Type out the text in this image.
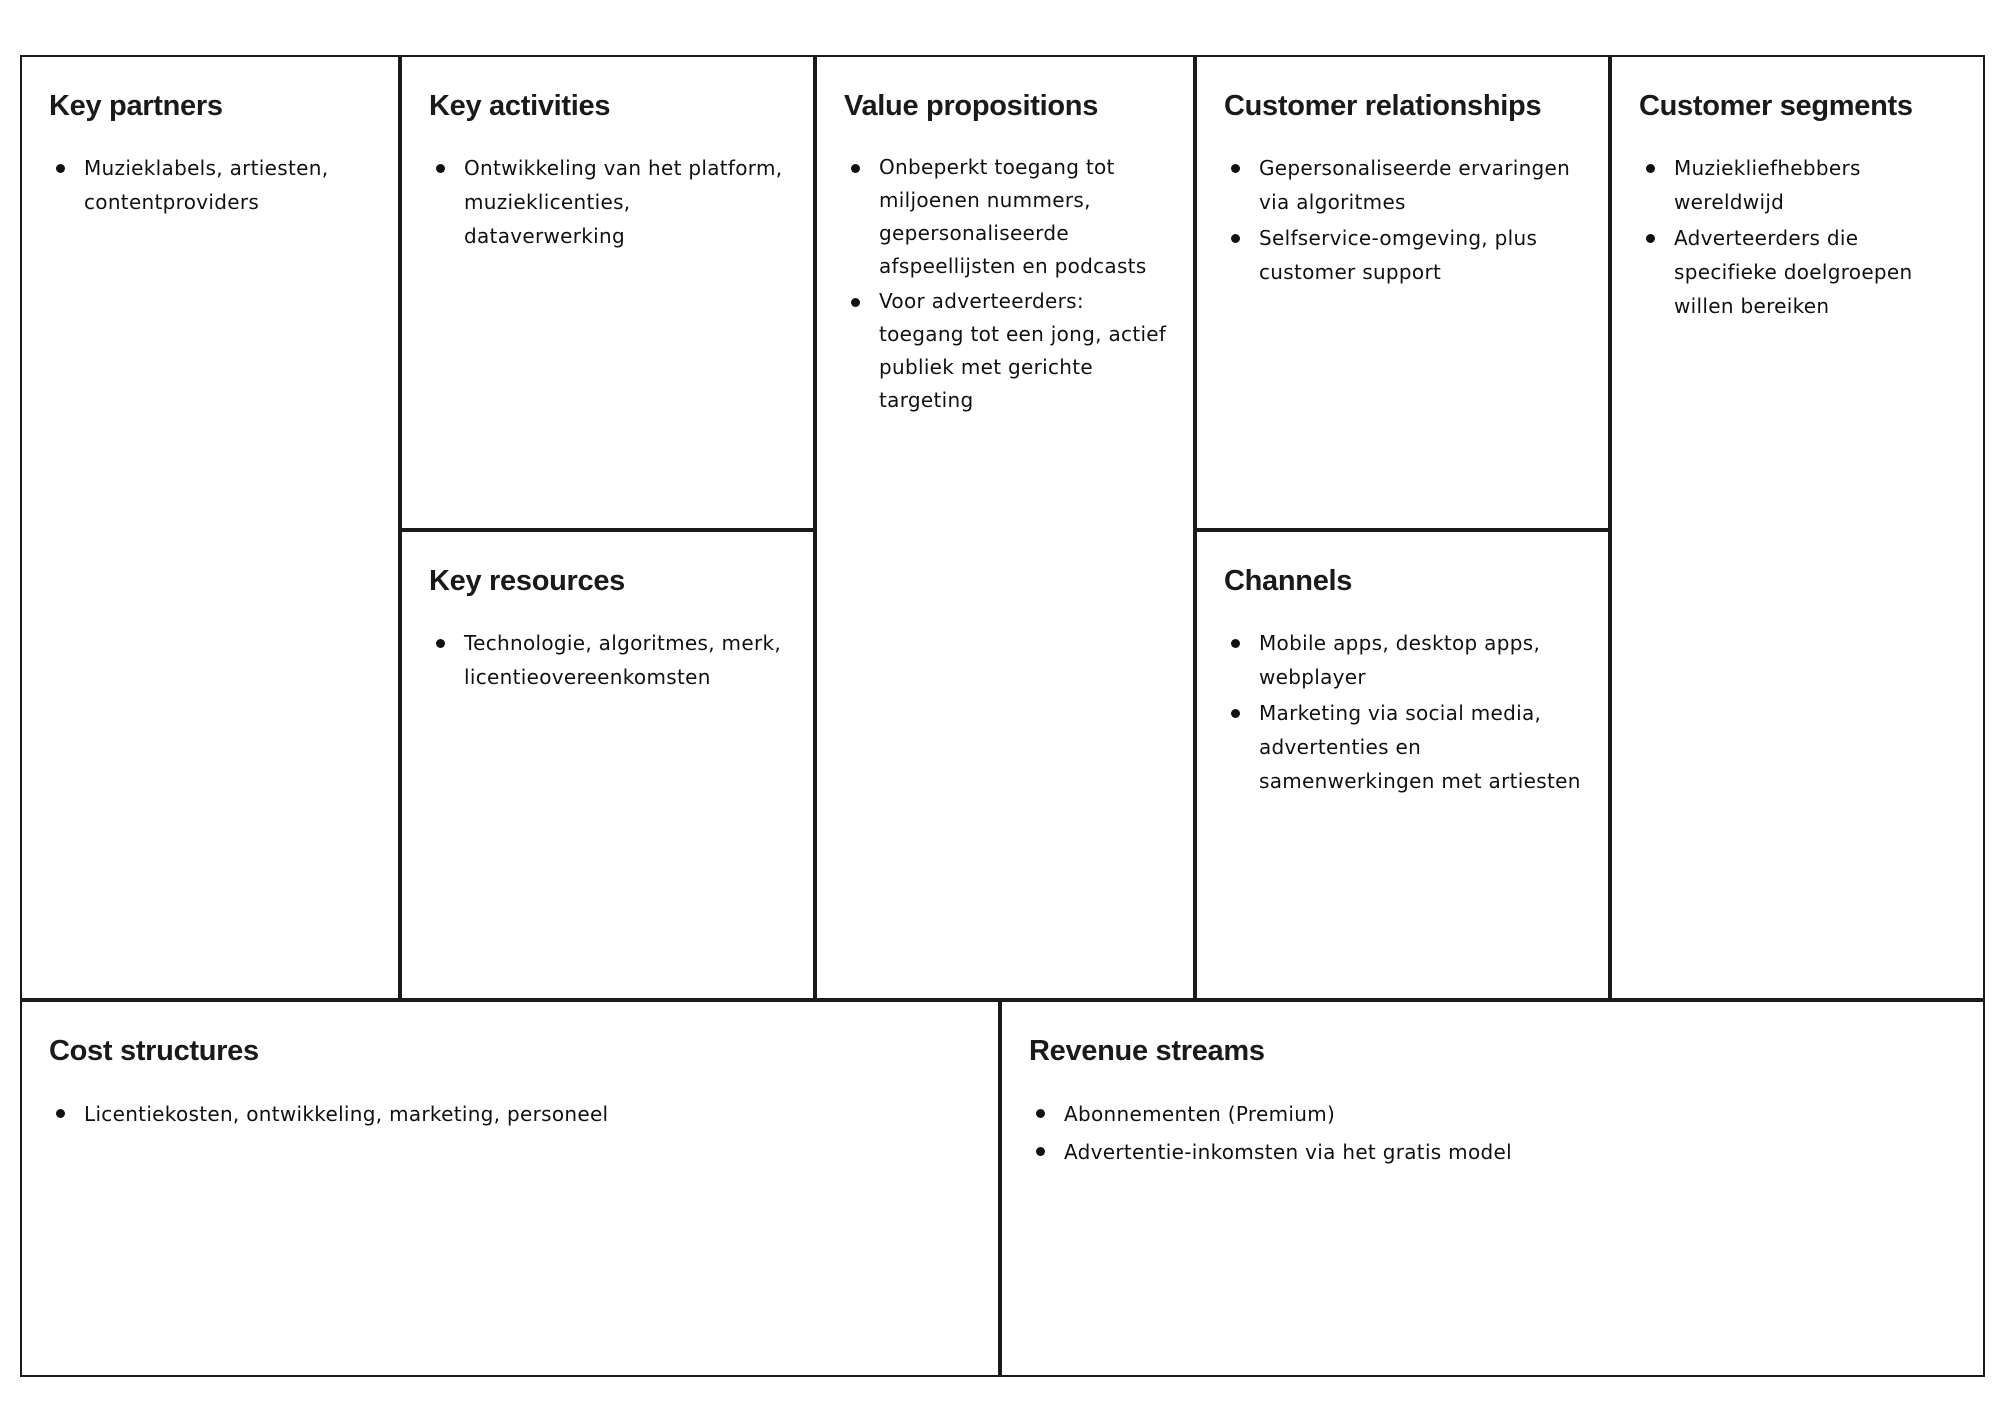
Key partners
Muzieklabels, artiesten, contentproviders
Key activities
Ontwikkeling van het platform, muzieklicenties, dataverwerking
Key resources
Technologie, algoritmes, merk, licentieovereenkomsten
Value propositions
Onbeperkt toegang tot miljoenen nummers, gepersonaliseerde afspeellijsten en podcasts
Voor adverteerders: toegang tot een jong, actief publiek met gerichte targeting
Customer relationships
Gepersonaliseerde ervaringen via algoritmes
Selfservice-omgeving, plus customer support
Channels
Mobile apps, desktop apps, webplayer
Marketing via social media, advertenties en samenwerkingen met artiesten
Customer segments
Muziekliefhebbers wereldwijd
Adverteerders die specifieke doelgroepen willen bereiken
Cost structures
Licentiekosten, ontwikkeling, marketing, personeel
Revenue streams
Abonnementen (Premium)
Advertentie-inkomsten via het gratis model
